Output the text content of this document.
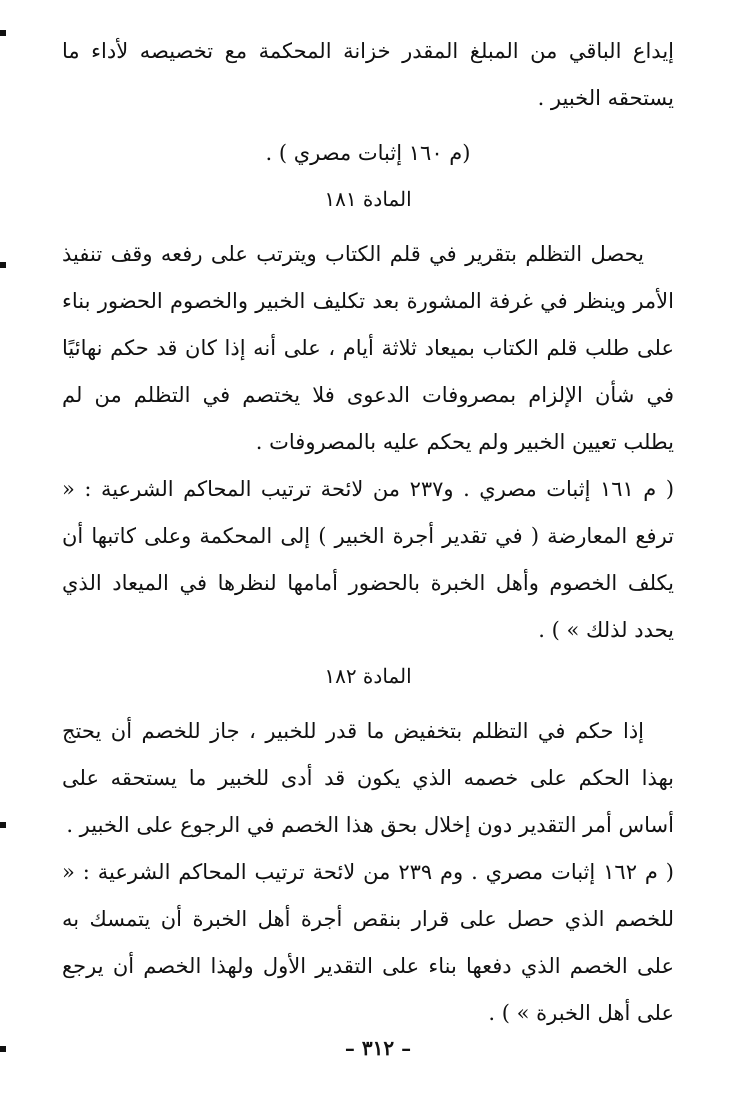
إيداع الباقي من المبلغ المقدر خزانة المحكمة مع تخصيصه لأداء ما يستحقه الخبير .

(م ١٦٠ إثبات مصري ) .

المادة ١٨١

يحصل التظلم بتقرير في قلم الكتاب ويترتب على رفعه وقف تنفيذ الأمر وينظر في غرفة المشورة بعد تكليف الخبير والخصوم الحضور بناء على طلب قلم الكتاب بميعاد ثلاثة أيام ، على أنه إذا كان قد حكم نهائيًا في شأن الإلزام بمصروفات الدعوى فلا يختصم في التظلم من لم يطلب تعيين الخبير ولم يحكم عليه بالمصروفات .

( م ١٦١ إثبات مصري . و٢٣٧ من لائحة ترتيب المحاكم الشرعية : « ترفع المعارضة ( في تقدير أجرة الخبير ) إلى المحكمة وعلى كاتبها أن يكلف الخصوم وأهل الخبرة بالحضور أمامها لنظرها في الميعاد الذي يحدد لذلك » ) .

المادة ١٨٢

إذا حكم في التظلم بتخفيض ما قدر للخبير ، جاز للخصم أن يحتج بهذا الحكم على خصمه الذي يكون قد أدى للخبير ما يستحقه على أساس أمر التقدير دون إخلال بحق هذا الخصم في الرجوع على الخبير .

( م ١٦٢ إثبات مصري . وم ٢٣٩ من لائحة ترتيب المحاكم الشرعية : « للخصم الذي حصل على قرار بنقص أجرة أهل الخبرة أن يتمسك به على الخصم الذي دفعها بناء على التقدير الأول ولهذا الخصم أن يرجع على أهل الخبرة » ) .

– ٣١٢ –
